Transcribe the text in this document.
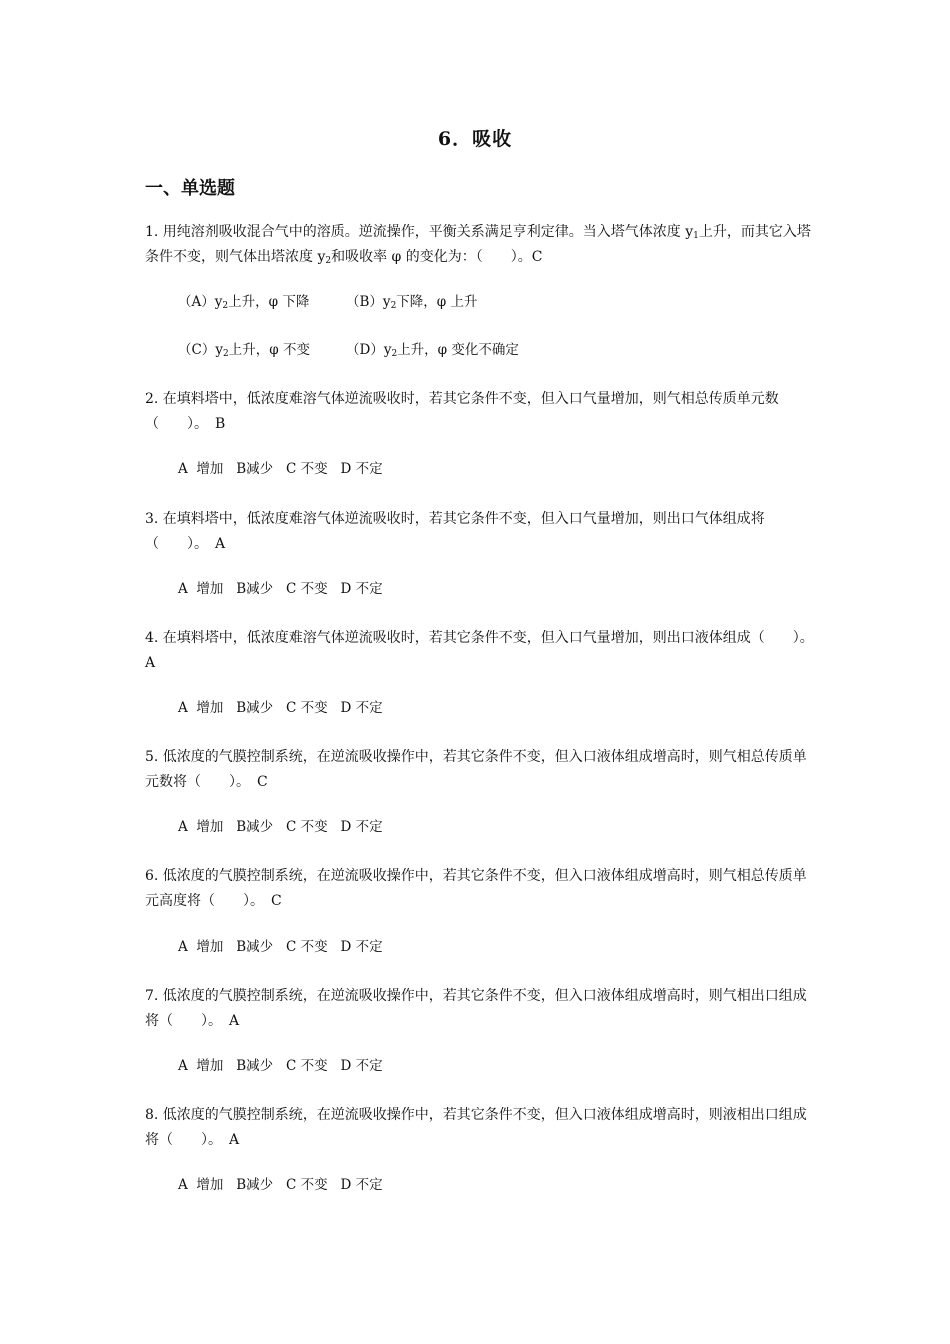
6．吸收
一、单选题
1. 用纯溶剂吸收混合气中的溶质。逆流操作，平衡关系满足亨利定律。当入塔气体浓度 $y_1$上升，而其它入塔条件不变，则气体出塔浓度 $y_2$和吸收率 φ 的变化为：（　　）。C
$(A)y_2$上升，φ 下降	$(B)y_2$下降，φ 上升
$(C)y_2$上升，φ 不变	$(D)y_2$上升，φ 变化不确定
2. 在填料塔中，低浓度难溶气体逆流吸收时，若其它条件不变，但入口气量增加，则气相总传质单元数（　　）。　B
A  增加   B减少   C 不变   D 不定
3. 在填料塔中，低浓度难溶气体逆流吸收时，若其它条件不变，但入口气量增加，则出口气体组成将（　　）。　A
A  增加   B减少   C 不变   D 不定
4. 在填料塔中，低浓度难溶气体逆流吸收时，若其它条件不变，但入口气量增加，则出口液体组成（　　）。A
A  增加   B减少   C 不变   D 不定
5. 低浓度的气膜控制系统，在逆流吸收操作中，若其它条件不变，但入口液体组成增高时，则气相总传质单元数将（　　）。　C
A  增加   B减少   C 不变   D 不定
6. 低浓度的气膜控制系统，在逆流吸收操作中，若其它条件不变，但入口液体组成增高时，则气相总传质单元高度将（　　）。　C
A  增加   B减少   C 不变   D 不定
7. 低浓度的气膜控制系统，在逆流吸收操作中，若其它条件不变，但入口液体组成增高时，则气相出口组成将（　　）。　A
A  增加   B减少   C 不变   D 不定
8. 低浓度的气膜控制系统，在逆流吸收操作中，若其它条件不变，但入口液体组成增高时，则液相出口组成将（　　）。　A
A  增加   B减少   C 不变   D 不定
